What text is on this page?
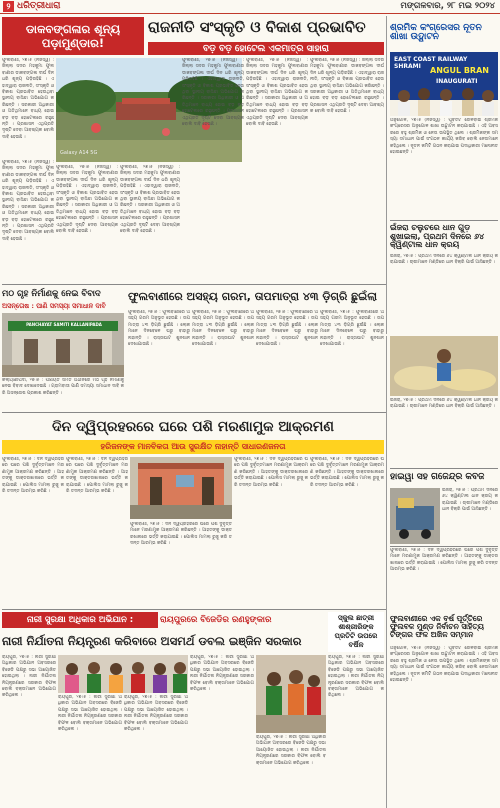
୨ ଧରିତ୍ରୀଧାରା	ମଙ୍ଗଳବାର, ୨୮ ମଇ ୨୦୨୪
ଡାକବଙ୍ଗଳାର ଶୂନ୍ୟ ପଡ଼ାମୁଣ୍ଡାର!
ରାଜନୀତି ସଂସ୍କୃତି ଓ ବିକାଶ ପ୍ରଭାବିତ
ବଡ଼ ବଡ଼ ହୋଟେଲ ଏକମାତ୍ର ସାହାରା
ଫୁଲବାଣୀ, ୨୭।୫ (ନିଜସ୍ୱ) : ଜିଲ୍ଲା ସଦର ମହକୁମା ଫୁଲବାଣୀର ଡାକବଙ୍ଗଳା ଦୀର୍ଘ ଦିନ ଧରି ଶୂନ୍ୟ ପଡ଼ିରହିଛି । ଏହାଦ୍ୱାରା ରାଜନୀତି, ସଂସ୍କୃତି ଓ ବିକାଶ ପ୍ରଭାବିତ ହେଉଥିବା ସ୍ଥାନୀୟ ବାସିନ୍ଦା ଅଭିଯୋଗ କରିଛନ୍ତି । ସରକାରୀ ଅଧିକାରୀ ଓ ଅତିଥିମାନେ ବାଧ୍ୟ ହୋଇ ବଡ଼ ବଡ଼ ହୋଟେଲରେ ରହୁଛନ୍ତି । ପ୍ରଶାସନ ଏଥିପ୍ରତି ଦୃଷ୍ଟି ଦେବା ଆବଶ୍ୟକ ବୋଲି ଦାବି ହେଉଛି ।
Galaxy A14 5G
ଫୁଲବାଣୀ, ୨୭।୫ (ନିଜସ୍ୱ) : ଜିଲ୍ଲା ସଦର ମହକୁମା ଫୁଲବାଣୀର ଡାକବଙ୍ଗଳା ଦୀର୍ଘ ଦିନ ଧରି ଶୂନ୍ୟ ପଡ଼ିରହିଛି । ଏହାଦ୍ୱାରା ରାଜନୀତି, ସଂସ୍କୃତି ଓ ବିକାଶ ପ୍ରଭାବିତ ହେଉଥିବା ସ୍ଥାନୀୟ ବାସିନ୍ଦା ଅଭିଯୋଗ କରିଛନ୍ତି । ସରକାରୀ ଅଧିକାରୀ ଓ ଅତିଥିମାନେ ବାଧ୍ୟ ହୋଇ ବଡ଼ ବଡ଼ ହୋଟେଲରେ ରହୁଛନ୍ତି । ପ୍ରଶାସନ ଏଥିପ୍ରତି ଦୃଷ୍ଟି ଦେବା ଆବଶ୍ୟକ ବୋଲି ଦାବି ହେଉଛି ।
ଫୁଲବାଣୀ, ୨୭।୫ (ନିଜସ୍ୱ) : ଜିଲ୍ଲା ସଦର ମହକୁମା ଫୁଲବାଣୀର ଡାକବଙ୍ଗଳା ଦୀର୍ଘ ଦିନ ଧରି ଶୂନ୍ୟ ପଡ଼ିରହିଛି । ଏହାଦ୍ୱାରା ରାଜନୀତି, ସଂସ୍କୃତି ଓ ବିକାଶ ପ୍ରଭାବିତ ହେଉଥିବା ସ୍ଥାନୀୟ ବାସିନ୍ଦା ଅଭିଯୋଗ କରିଛନ୍ତି । ସରକାରୀ ଅଧିକାରୀ ଓ ଅତିଥିମାନେ ବାଧ୍ୟ ହୋଇ ବଡ଼ ବଡ଼ ହୋଟେଲରେ ରହୁଛନ୍ତି । ପ୍ରଶାସନ ଏଥିପ୍ରତି ଦୃଷ୍ଟି ଦେବା ଆବଶ୍ୟକ ବୋଲି ଦାବି ହେଉଛି ।
ଫୁଲବାଣୀ, ୨୭।୫ (ନିଜସ୍ୱ) : ଜିଲ୍ଲା ସଦର ମହକୁମା ଫୁଲବାଣୀର ଡାକବଙ୍ଗଳା ଦୀର୍ଘ ଦିନ ଧରି ଶୂନ୍ୟ ପଡ଼ିରହିଛି । ଏହାଦ୍ୱାରା ରାଜନୀତି, ସଂସ୍କୃତି ଓ ବିକାଶ ପ୍ରଭାବିତ ହେଉଥିବା ସ୍ଥାନୀୟ ବାସିନ୍ଦା ଅଭିଯୋଗ କରିଛନ୍ତି । ସରକାରୀ ଅଧିକାରୀ ଓ ଅତିଥିମାନେ ବାଧ୍ୟ ହୋଇ ବଡ଼ ବଡ଼ ହୋଟେଲରେ ରହୁଛନ୍ତି । ପ୍ରଶାସନ ଏଥିପ୍ରତି ଦୃଷ୍ଟି ଦେବା ଆବଶ୍ୟକ ବୋଲି ଦାବି ହେଉଛି ।
ଫୁଲବାଣୀ, ୨୭।୫ (ନିଜସ୍ୱ) : ଜିଲ୍ଲା ସଦର ମହକୁମା ଫୁଲବାଣୀର ଡାକବଙ୍ଗଳା ଦୀର୍ଘ ଦିନ ଧରି ଶୂନ୍ୟ ପଡ଼ିରହିଛି । ଏହାଦ୍ୱାରା ରାଜନୀତି, ସଂସ୍କୃତି ଓ ବିକାଶ ପ୍ରଭାବିତ ହେଉଥିବା ସ୍ଥାନୀୟ ବାସିନ୍ଦା ଅଭିଯୋଗ କରିଛନ୍ତି । ସରକାରୀ ଅଧିକାରୀ ଓ ଅତିଥିମାନେ ବାଧ୍ୟ ହୋଇ ବଡ଼ ବଡ଼ ହୋଟେଲରେ ରହୁଛନ୍ତି । ପ୍ରଶାସନ ଏଥିପ୍ରତି ଦୃଷ୍ଟି ଦେବା ଆବଶ୍ୟକ ବୋଲି ଦାବି ହେଉଛି ।
ଫୁଲବାଣୀ, ୨୭।୫ (ନିଜସ୍ୱ) : ଜିଲ୍ଲା ସଦର ମହକୁମା ଫୁଲବାଣୀର ଡାକବଙ୍ଗଳା ଦୀର୍ଘ ଦିନ ଧରି ଶୂନ୍ୟ ପଡ଼ିରହିଛି । ଏହାଦ୍ୱାରା ରାଜନୀତି, ସଂସ୍କୃତି ଓ ବିକାଶ ପ୍ରଭାବିତ ହେଉଥିବା ସ୍ଥାନୀୟ ବାସିନ୍ଦା ଅଭିଯୋଗ କରିଛନ୍ତି । ସରକାରୀ ଅଧିକାରୀ ଓ ଅତିଥିମାନେ ବାଧ୍ୟ ହୋଇ ବଡ଼ ବଡ଼ ହୋଟେଲରେ ରହୁଛନ୍ତି । ପ୍ରଶାସନ ଏଥିପ୍ରତି ଦୃଷ୍ଟି ଦେବା ଆବଶ୍ୟକ ବୋଲି ଦାବି ହେଉଛି ।
ଫୁଲବାଣୀ, ୨୭।୫ (ନିଜସ୍ୱ) : ଜିଲ୍ଲା ସଦର ମହକୁମା ଫୁଲବାଣୀର ଡାକବଙ୍ଗଳା ଦୀର୍ଘ ଦିନ ଧରି ଶୂନ୍ୟ ପଡ଼ିରହିଛି । ଏହାଦ୍ୱାରା ରାଜନୀତି, ସଂସ୍କୃତି ଓ ବିକାଶ ପ୍ରଭାବିତ ହେଉଥିବା ସ୍ଥାନୀୟ ବାସିନ୍ଦା ଅଭିଯୋଗ କରିଛନ୍ତି । ସରକାରୀ ଅଧିକାରୀ ଓ ଅତିଥିମାନେ ବାଧ୍ୟ ହୋଇ ବଡ଼ ବଡ଼ ହୋଟେଲରେ ରହୁଛନ୍ତି । ପ୍ରଶାସନ ଏଥିପ୍ରତି ଦୃଷ୍ଟି ଦେବା ଆବଶ୍ୟକ ବୋଲି ଦାବି ହେଉଛି ।
ଶ୍ରମିକ କଂଗ୍ରେସର ନୂତନ ଶାଖା ଉଦ୍ଘାଟନ
EAST COAST RAILWAY SHRAMI	ANGUL BRAN
INAUGURATI
ଅନୁଗୋଳ, ୨୭।୫ (ନିଜସ୍ୱ) : ପୂର୍ବତଟ ରେଳବାଇ ଶ୍ରମିକ କଂଗ୍ରେସର ଅନୁଗୋଳ ଶାଖା ଉଦ୍ଘାଟନ କରାଯାଇଛି । ଏହି ଅବସରରେ ବହୁ ଶ୍ରମିକ ଓ ନେତା ଉପସ୍ଥିତ ଥିଲେ । ଶ୍ରମିକଙ୍କ ସମସ୍ୟା ସମାଧାନ ପାଇଁ ସଂଗଠନ କାର୍ଯ୍ୟ କରିବ ବୋଲି ନେତାମାନେ କହିଥିଲେ । ନୂତନ କମିଟି ଗଠନ କରାଯାଇ ପଦାଧିକାରୀ ମନୋନୀତ ହୋଇଛନ୍ତି ।
ଇଁଜରା ଚଲୁଚରେ ଧାନ ଗୁଡ଼ ଶୁଖାଇଲା, ପ୍ରଥମ ଦିନରେ ୬୪ କ୍ୱିଣ୍ଟାଲ ଧାନ କ୍ରୟ
ଇଁଜରା, ୨୭।୫ : ପ୍ରଥମ ଦିନରେ ୬୪ କ୍ୱିଣ୍ଟାଲ ଧାନ କ୍ରୟ କରାଯାଇଛି । ଚାଷୀମାନେ ମଣ୍ଡିରେ ଧାନ ବିକ୍ରି ପାଇଁ ଆସିଛନ୍ତି ।
ମଠ ଗୃହ ନିର୍ମାଣକୁ ନେଇ ବିବାଦ
ଅସନ୍ତୋଷ : ପାଣି ସମସ୍ୟା ସମାଧାନ ଦାବି
PANCHAYAT SAMITI KALLANIPADA
କଲ୍ୟାଣୀପଦା, ୨୭।୫ : ପଞ୍ଚାୟତ ସମିତି ଅଧୀନରେ ମଠ ଗୃହ ନିର୍ମାଣକୁ ନେଇ ବିବାଦ ଦେଖାଦେଇଛି । ଗ୍ରାମବାସୀ ପାଣି ସମସ୍ୟା ସମାଧାନ ଦାବି କରି ଅସନ୍ତୋଷ ପ୍ରକାଶ କରିଛନ୍ତି ।
ଫୁଲବାଣୀରେ ଅସହ୍ୟ ଗରମ, ତାପମାତ୍ରା ୪୩ ଡ଼ିଗ୍ରି ଛୁଇଁଲା
ଫୁଲବାଣୀ, ୨୭।୫ : ଫୁଲବାଣୀରେ ଅସହ୍ୟ ଗରମ ଅନୁଭୂତ ହେଉଛି । ତାପମାତ୍ରା ୪୩ ଡ଼ିଗ୍ରି ଛୁଇଁଛି । ଲୋକମାନେ ଦିନବେଳେ ଘରୁ ବାହାରୁ ନାହାନ୍ତି । ରାସ୍ତାଘାଟ ଶୁନଶାନ ଦେଖାଯାଉଛି ।
ଫୁଲବାଣୀ, ୨୭।୫ : ଫୁଲବାଣୀରେ ଅସହ୍ୟ ଗରମ ଅନୁଭୂତ ହେଉଛି । ତାପମାତ୍ରା ୪୩ ଡ଼ିଗ୍ରି ଛୁଇଁଛି । ଲୋକମାନେ ଦିନବେଳେ ଘରୁ ବାହାରୁ ନାହାନ୍ତି । ରାସ୍ତାଘାଟ ଶୁନଶାନ ଦେଖାଯାଉଛି ।
ଫୁଲବାଣୀ, ୨୭।୫ : ଫୁଲବାଣୀରେ ଅସହ୍ୟ ଗରମ ଅନୁଭୂତ ହେଉଛି । ତାପମାତ୍ରା ୪୩ ଡ଼ିଗ୍ରି ଛୁଇଁଛି । ଲୋକମାନେ ଦିନବେଳେ ଘରୁ ବାହାରୁ ନାହାନ୍ତି । ରାସ୍ତାଘାଟ ଶୁନଶାନ ଦେଖାଯାଉଛି ।
ଫୁଲବାଣୀ, ୨୭।୫ : ଫୁଲବାଣୀରେ ଅସହ୍ୟ ଗରମ ଅନୁଭୂତ ହେଉଛି । ତାପମାତ୍ରା ୪୩ ଡ଼ିଗ୍ରି ଛୁଇଁଛି । ଲୋକମାନେ ଦିନବେଳେ ଘରୁ ବାହାରୁ ନାହାନ୍ତି । ରାସ୍ତାଘାଟ ଶୁନଶାନ ଦେଖାଯାଉଛି ।
ଦିନ ଦ୍ୱିପ୍ରହରରେ ଘରେ ପଶି ମରଣାମୁକ ଆକ୍ରମଣ
ହରିଜନଙ୍କ ମାନବିକତା ଆଉ ସୁରକ୍ଷିତ ନାହାନ୍ତି ସାଧାରଣଜନତା
ଫୁଲବାଣୀ, ୨୭।୫ : ଦିନ ଦ୍ୱିପ୍ରହରରେ ଘରେ ପଶି ଦୁର୍ବୃତ୍ତମାନେ ମରଣାମୁକ ଆକ୍ରମଣ କରିଛନ୍ତି । ଆହତଙ୍କୁ ଡାକ୍ତରଖାନାରେ ଭର୍ତ୍ତି କରାଯାଇଛି । ପୋଲିସ ମାମଲା ରୁଜୁ କରି ତଦନ୍ତ ଆରମ୍ଭ କରିଛି ।
ଫୁଲବାଣୀ, ୨୭।୫ : ଦିନ ଦ୍ୱିପ୍ରହରରେ ଘରେ ପଶି ଦୁର୍ବୃତ୍ତମାନେ ମରଣାମୁକ ଆକ୍ରମଣ କରିଛନ୍ତି । ଆହତଙ୍କୁ ଡାକ୍ତରଖାନାରେ ଭର୍ତ୍ତି କରାଯାଇଛି । ପୋଲିସ ମାମଲା ରୁଜୁ କରି ତଦନ୍ତ ଆରମ୍ଭ କରିଛି ।
ଫୁଲବାଣୀ, ୨୭।୫ : ଦିନ ଦ୍ୱିପ୍ରହରରେ ଘରେ ପଶି ଦୁର୍ବୃତ୍ତମାନେ ମରଣାମୁକ ଆକ୍ରମଣ କରିଛନ୍ତି । ଆହତଙ୍କୁ ଡାକ୍ତରଖାନାରେ ଭର୍ତ୍ତି କରାଯାଇଛି । ପୋଲିସ ମାମଲା ରୁଜୁ କରି ତଦନ୍ତ ଆରମ୍ଭ କରିଛି ।
ଫୁଲବାଣୀ, ୨୭।୫ : ଦିନ ଦ୍ୱିପ୍ରହରରେ ଘରେ ପଶି ଦୁର୍ବୃତ୍ତମାନେ ମରଣାମୁକ ଆକ୍ରମଣ କରିଛନ୍ତି । ଆହତଙ୍କୁ ଡାକ୍ତରଖାନାରେ ଭର୍ତ୍ତି କରାଯାଇଛି । ପୋଲିସ ମାମଲା ରୁଜୁ କରି ତଦନ୍ତ ଆରମ୍ଭ କରିଛି ।
ଫୁଲବାଣୀ, ୨୭।୫ : ଦିନ ଦ୍ୱିପ୍ରହରରେ ଘରେ ପଶି ଦୁର୍ବୃତ୍ତମାନେ ମରଣାମୁକ ଆକ୍ରମଣ କରିଛନ୍ତି । ଆହତଙ୍କୁ ଡାକ୍ତରଖାନାରେ ଭର୍ତ୍ତି କରାଯାଇଛି । ପୋଲିସ ମାମଲା ରୁଜୁ କରି ତଦନ୍ତ ଆରମ୍ଭ କରିଛି ।
ଇଁଜରା, ୨୭।୫ : ପ୍ରଥମ ଦିନରେ ୬୪ କ୍ୱିଣ୍ଟାଲ ଧାନ କ୍ରୟ କରାଯାଇଛି । ଚାଷୀମାନେ ମଣ୍ଡିରେ ଧାନ ବିକ୍ରି ପାଇଁ ଆସିଛନ୍ତି ।
ହାଇୱା ସହ ଗଜେନ୍ଦ୍ର କବଜ
ଇଁଜରା, ୨୭।୫ : ପ୍ରଥମ ଦିନରେ ୬୪ କ୍ୱିଣ୍ଟାଲ ଧାନ କ୍ରୟ କରାଯାଇଛି । ଚାଷୀମାନେ ମଣ୍ଡିରେ ଧାନ ବିକ୍ରି ପାଇଁ ଆସିଛନ୍ତି ।
ନାରୀ ସୁରକ୍ଷା ଅଧିକାର ଅଭିଯାନ :	ରାୟପୁରରେ ବିଜେଡିର ରଣହୁଙ୍କାର
ନାରୀ ନିର୍ଯାତନା ନିୟନ୍ତ୍ରଣ କରିବାରେ ଅସମର୍ଥ ଡବଲ ଇଞ୍ଜିନ ସରକାର
ରାୟପୁର, ୨୭।୫ : ନାରୀ ସୁରକ୍ଷା ଅଧିକାର ଅଭିଯାନ ଅବସରରେ ବିଜେଡି ପକ୍ଷରୁ ସଭା ଆୟୋଜିତ ହୋଇଥିଲା । ନାରୀ ନିର୍ଯାତନା ନିୟନ୍ତ୍ରଣରେ ସରକାର ବିଫଳ ବୋଲି ବକ୍ତାମାନେ ଅଭିଯୋଗ କରିଥିଲେ ।	ରାୟପୁର, ୨୭।୫ : ନାରୀ ସୁରକ୍ଷା ଅଧିକାର ଅଭିଯାନ ଅବସରରେ ବିଜେଡି ପକ୍ଷରୁ ସଭା ଆୟୋଜିତ ହୋଇଥିଲା । ନାରୀ ନିର୍ଯାତନା ନିୟନ୍ତ୍ରଣରେ ସରକାର ବିଫଳ ବୋଲି ବକ୍ତାମାନେ ଅଭିଯୋଗ କରିଥିଲେ ।
ରାୟପୁର, ୨୭।୫ : ନାରୀ ସୁରକ୍ଷା ଅଧିକାର ଅଭିଯାନ ଅବସରରେ ବିଜେଡି ପକ୍ଷରୁ ସଭା ଆୟୋଜିତ ହୋଇଥିଲା । ନାରୀ ନିର୍ଯାତନା ନିୟନ୍ତ୍ରଣରେ ସରକାର ବିଫଳ ବୋଲି ବକ୍ତାମାନେ ଅଭିଯୋଗ କରିଥିଲେ ।
ରାୟପୁର, ୨୭।୫ : ନାରୀ ସୁରକ୍ଷା ଅଧିକାର ଅଭିଯାନ ଅବସରରେ ବିଜେଡି ପକ୍ଷରୁ ସଭା ଆୟୋଜିତ ହୋଇଥିଲା । ନାରୀ ନିର୍ଯାତନା ନିୟନ୍ତ୍ରଣରେ ସରକାର ବିଫଳ ବୋଲି ବକ୍ତାମାନେ ଅଭିଯୋଗ କରିଥିଲେ ।
ରାୟପୁର, ୨୭।୫ : ନାରୀ ସୁରକ୍ଷା ଅଧିକାର ଅଭିଯାନ ଅବସରରେ ବିଜେଡି ପକ୍ଷରୁ ସଭା ଆୟୋଜିତ ହୋଇଥିଲା । ନାରୀ ନିର୍ଯାତନା ନିୟନ୍ତ୍ରଣରେ ସରକାର ବିଫଳ ବୋଲି ବକ୍ତାମାନେ ଅଭିଯୋଗ କରିଥିଲେ ।
ସ୍କୁଲ ଛାତ୍ରୀ ଶୀଶ୍ରୀରିଙ୍କ ପ୍ରତିଟି ଉପରେ ବର୍ଷିଳ
ରାୟପୁର, ୨୭।୫ : ନାରୀ ସୁରକ୍ଷା ଅଧିକାର ଅଭିଯାନ ଅବସରରେ ବିଜେଡି ପକ୍ଷରୁ ସଭା ଆୟୋଜିତ ହୋଇଥିଲା । ନାରୀ ନିର୍ଯାତନା ନିୟନ୍ତ୍ରଣରେ ସରକାର ବିଫଳ ବୋଲି ବକ୍ତାମାନେ ଅଭିଯୋଗ କରିଥିଲେ ।
ଫୁଲବାଣୀ, ୨୭।୫ : ଦିନ ଦ୍ୱିପ୍ରହରରେ ଘରେ ପଶି ଦୁର୍ବୃତ୍ତମାନେ ମରଣାମୁକ ଆକ୍ରମଣ କରିଛନ୍ତି । ଆହତଙ୍କୁ ଡାକ୍ତରଖାନାରେ ଭର୍ତ୍ତି କରାଯାଇଛି । ପୋଲିସ ମାମଲା ରୁଜୁ କରି ତଦନ୍ତ ଆରମ୍ଭ କରିଛି ।
ଫୁଲବାଣୀରେ ଏକ ବର୍ଷ ପୂର୍ତ୍ତିରେ ଫୁଲବଳ ମୁଣ୍ଡ ନିର୍ବାଚନ ସାହିତ୍ୟ ଟିଙ୍ଗର ଫଳ ଅଖିଳ ସମ୍ମାନ
ଅନୁଗୋଳ, ୨୭।୫ (ନିଜସ୍ୱ) : ପୂର୍ବତଟ ରେଳବାଇ ଶ୍ରମିକ କଂଗ୍ରେସର ଅନୁଗୋଳ ଶାଖା ଉଦ୍ଘାଟନ କରାଯାଇଛି । ଏହି ଅବସରରେ ବହୁ ଶ୍ରମିକ ଓ ନେତା ଉପସ୍ଥିତ ଥିଲେ । ଶ୍ରମିକଙ୍କ ସମସ୍ୟା ସମାଧାନ ପାଇଁ ସଂଗଠନ କାର୍ଯ୍ୟ କରିବ ବୋଲି ନେତାମାନେ କହିଥିଲେ । ନୂତନ କମିଟି ଗଠନ କରାଯାଇ ପଦାଧିକାରୀ ମନୋନୀତ ହୋଇଛନ୍ତି ।
